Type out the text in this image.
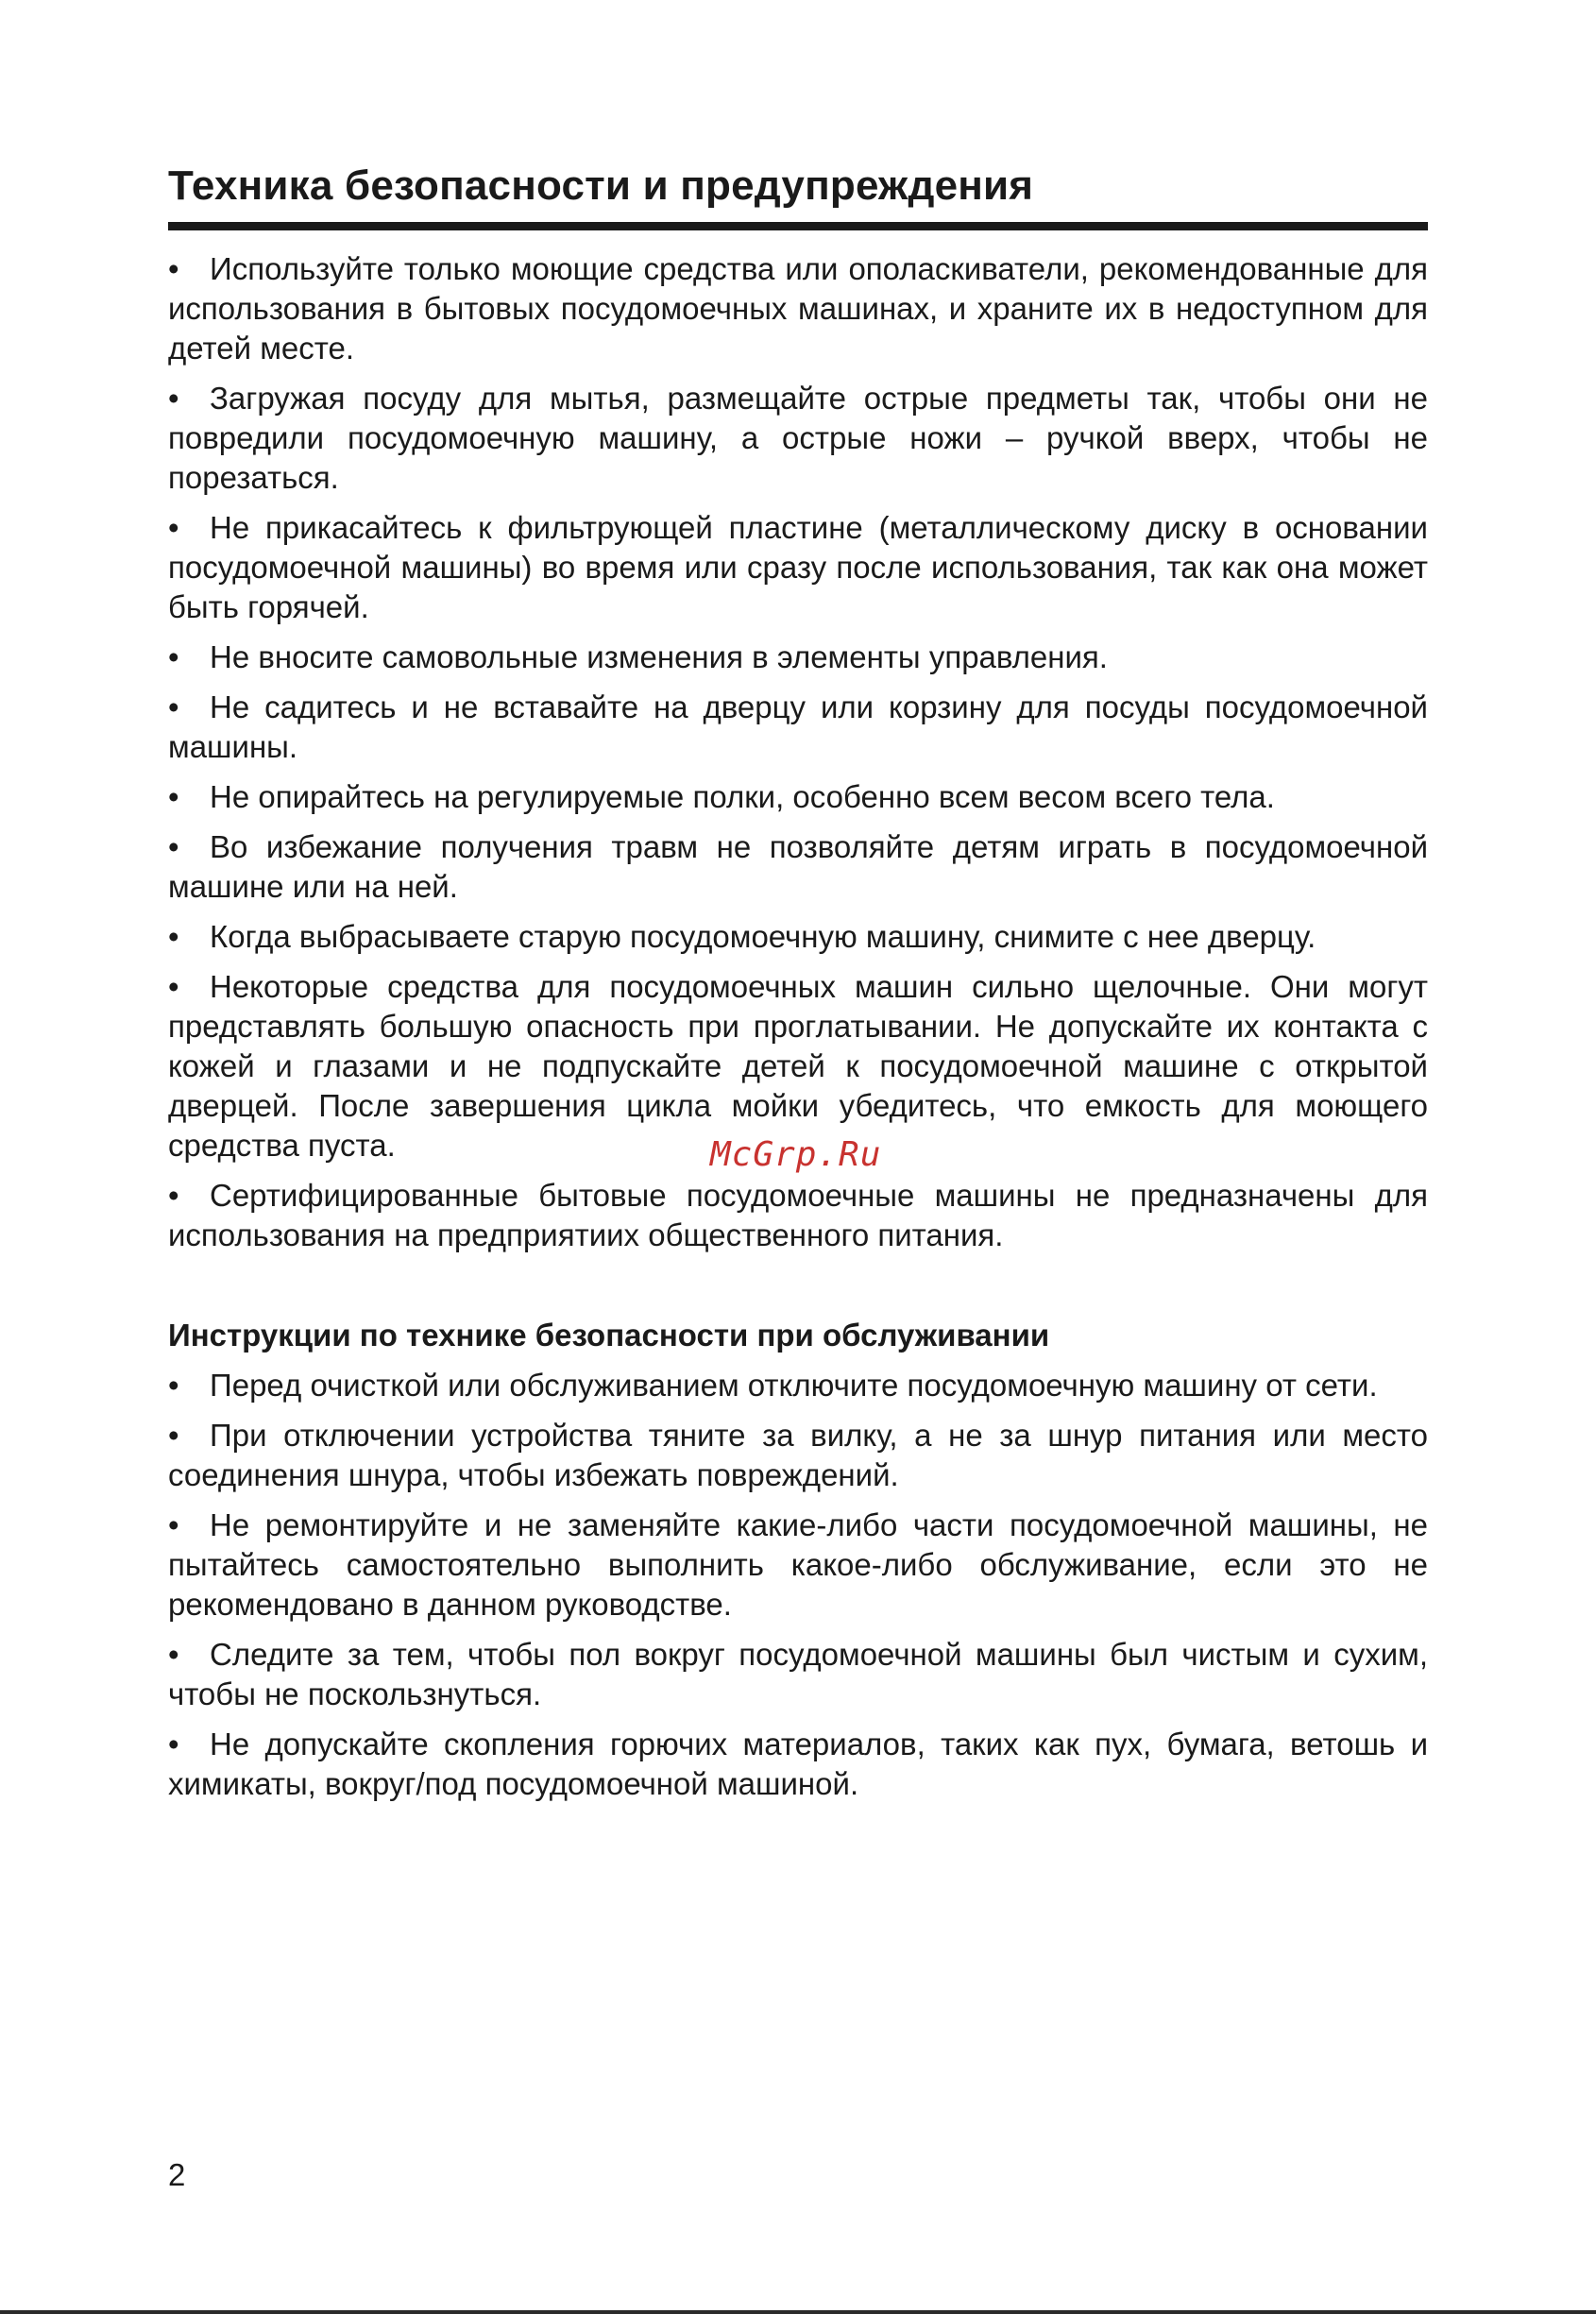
Техника безопасности и предупреждения
• Используйте только моющие средства или ополаскиватели, рекомендованные для использования в бытовых посудомоечных машинах, и храните их в недоступном для детей месте.
• Загружая посуду для мытья, размещайте острые предметы так, чтобы они не повредили посудомоечную машину, а острые ножи – ручкой вверх, чтобы не порезаться.
• Не прикасайтесь к фильтрующей пластине (металлическому диску в основании посудомоечной машины) во время или сразу после использования, так как она может быть горячей.
• Не вносите самовольные изменения в элементы управления.
• Не садитесь и не вставайте на дверцу или корзину для посуды посудомоечной машины.
• Не опирайтесь на регулируемые полки, особенно всем весом всего тела.
• Во избежание получения травм не позволяйте детям играть в посудомоечной машине или на ней.
• Когда выбрасываете старую посудомоечную машину, снимите с нее дверцу.
• Некоторые средства для посудомоечных машин сильно щелочные. Они могут представлять большую опасность при проглатывании. Не допускайте их контакта с кожей и глазами и не подпускайте детей к посудомоечной машине с открытой дверцей. После завершения цикла мойки убедитесь, что емкость для моющего средства пуста.
• Сертифицированные бытовые посудомоечные машины не предназначены для использования на предприятиих общественного питания.
Инструкции по технике безопасности при обслуживании
• Перед очисткой или обслуживанием отключите посудомоечную машину от сети.
• При отключении устройства тяните за вилку, а не за шнур питания или место соединения шнура, чтобы избежать повреждений.
• Не ремонтируйте и не заменяйте какие-либо части посудомоечной машины, не пытайтесь самостоятельно выполнить какое-либо обслуживание, если это не рекомендовано в данном руководстве.
• Следите за тем, чтобы пол вокруг посудомоечной машины был чистым и сухим, чтобы не поскользнуться.
• Не допускайте скопления горючих материалов, таких как пух, бумага, ветошь и химикаты, вокруг/под посудомоечной машиной.
McGrp.Ru
2
